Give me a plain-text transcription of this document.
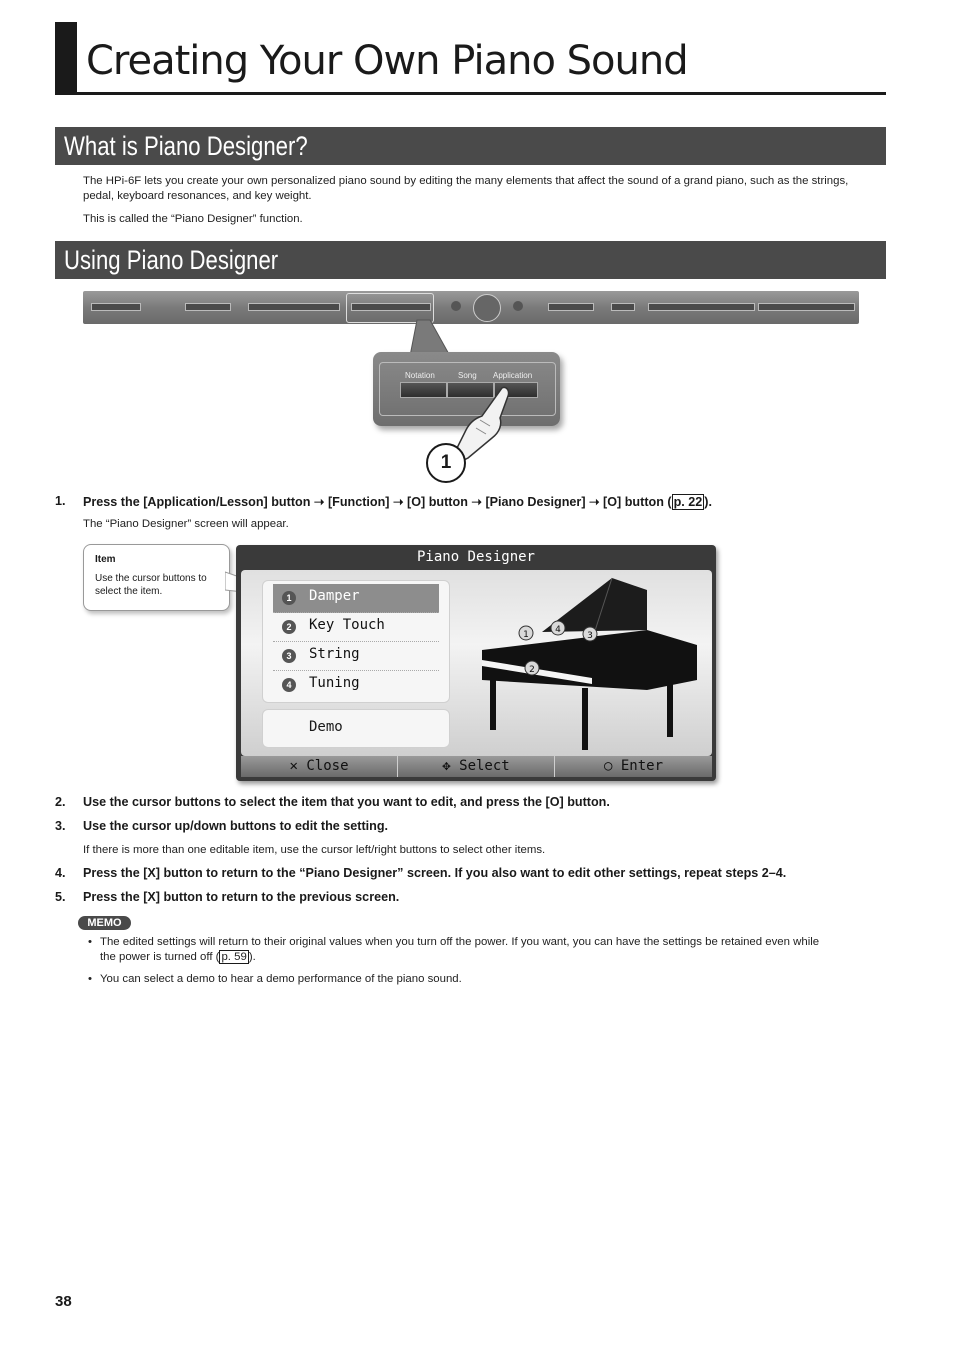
Creating Your Own Piano Sound
What is Piano Designer?
The HPi-6F lets you create your own personalized piano sound by editing the many elements that affect the sound of a grand piano, such as the strings,
pedal, keyboard resonances, and key weight.
This is called the “Piano Designer” function.
Using Piano Designer
Notation	Song Application
1
1. Press the [Application/Lesson] button ➝ [Function] ➝ [O] button ➝ [Piano Designer] ➝ [O] button ( p. 22 ).
The “Piano Designer” screen will appear.
Item
Use the cursor buttons to select the item.
Piano Designer
1	Damper
2	Key Touch
3	String
4	Tuning
Demo
1	4
3
2
✕ Close	✥ Select	○ Enter
2. Use the cursor buttons to select the item that you want to edit, and press the [O] button.
3. Use the cursor up/down buttons to edit the setting.
If there is more than one editable item, use the cursor left/right buttons to select other items.
4. Press the [X] button to return to the “Piano Designer” screen. If you also want to edit other settings, repeat steps 2–4.
5. Press the [X] button to return to the previous screen.
MEMO
• The edited settings will return to their original values when you turn off the power. If you want, you can have the settings be retained even while
the power is turned off ( p. 59 ).
• You can select a demo to hear a demo performance of the piano sound.
38
